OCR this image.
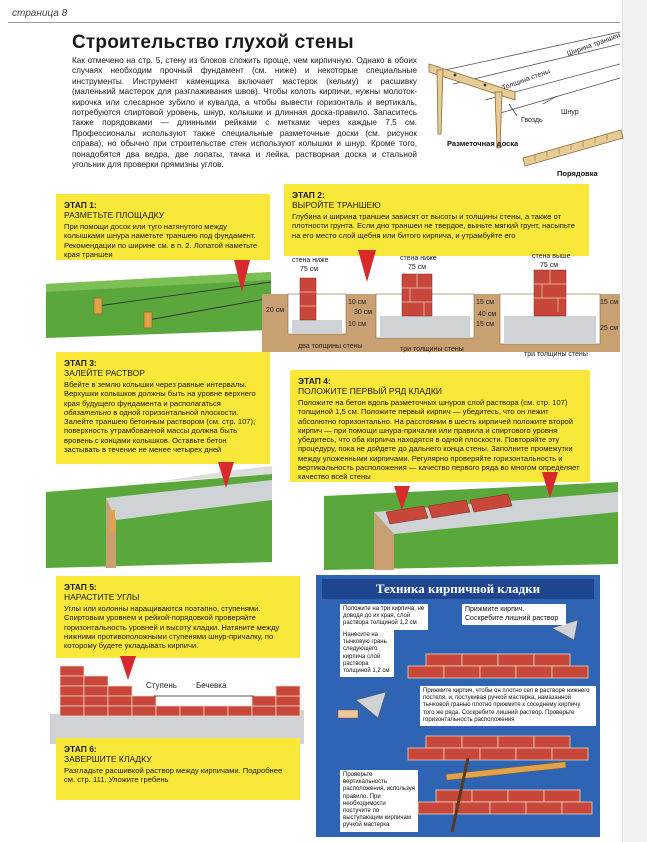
страница 8
Строительство глухой стены
Как отмечено на стр. 5, стену из блоков сложить проще, чем кирпичную. Однако в обоих случаях необходим прочный фундамент (см. ниже) и некоторые специальные инструменты. Инструмент каменщика включает мастерок (кельму) и расшивку (маленький мастерок для разглаживания швов). Чтобы колоть кирпичи, нужны молоток-кирочка или слесарное зубило и кувалда, а чтобы вывести горизонталь и вертикаль, потребуются спиртовой уровень, шнур, колышки и длинная доска-правило. Запаситесь также порядовками — длинными рейками с метками через каждые 7,5 см. Профессионалы используют также специальные разметочные доски (см. рисунок справа), но обычно при строительстве стен используют колышки и шнур. Кроме того, понадобятся два ведра, две лопаты, тачка и лейка, растворная доска и стальной угольник для проверки прямизны углов.
Ширина траншеи
Толщина стены
Шнур
Гвоздь
Разметочная доска
Порядовка
ЭТАП 1:
РАЗМЕТЬТЕ ПЛОЩАДКУ
При помощи досок или туго натянутого между колышками шнура наметьте траншею под фундамент. Рекомендации по ширине см. в п. 2. Лопатой наметьте края траншеи
ЭТАП 2:
ВЫРОЙТЕ ТРАНШЕЮ
Глубина и ширина траншеи зависят от высоты и толщины стены, а также от плотности грунта. Если дно траншеи не твердое, выньте мягкий грунт, насыпьте на его место слой щебня или битого кирпича, и утрамбуйте его
стена ниже
75 см
20 см
10 см
10 см
два толщины стены
стена ниже
75 см
30 см
15 см
15 см
три толщины стены
стена выше
75 см
40 см
15 см
25 см
три толщины стены
ЭТАП 3:
ЗАЛЕЙТЕ РАСТВОР
Вбейте в землю колышки через равные интервалы. Верхушки колышков должны быть на уровне верхнего края будущего фундамента и располагаться обязательно в одной горизонтальной плоскости. Залейте траншею бетонным раствором (см. стр. 107); поверхность утрамбованной массы должна быть вровень с концами колышков. Оставьте бетон застывать в течение не менее четырех дней
ЭТАП 4:
ПОЛОЖИТЕ ПЕРВЫЙ РЯД КЛАДКИ
Положите на бетон вдоль разметочных шнуров слой раствора (см. стр. 107) толщиной 1,5 см. Положите первый кирпич — убедитесь, что он лежит абсолютно горизонтально. На расстоянии в шесть кирпичей положите второй кирпич — при помощи шнура-причалки или правила и спиртового уровня убедитесь, что оба кирпича находятся в одной плоскости. Повторяйте эту процедуру, пока не дойдете до дальнего конца стены. Заполните промежутки между уложенными кирпичами. Регулярно проверяйте горизонтальность и вертикальность расположения — качество первого ряда во многом определяет качество всей стены
ЭТАП 5:
НАРАСТИТЕ УГЛЫ
Углы или колонны наращиваются поэтапно, ступенями. Спиртовым уровнем и рейкой-порядовкой проверяйте горизонтальность уровней и высоту кладки. Натяните между нижними противоположными ступенями шнур-причалку, по которому будете укладывать кирпичи.
Ступень Бечевка
ЭТАП 6:
ЗАВЕРШИТЕ КЛАДКУ
Разгладьте расшивкой раствор между кирпичами. Подробнее см. стр. 111. Уложите гребень
Техника кирпичной кладки
Положите на три кирпича, не доводя до их края, слой раствора толщиной 1,2 см
Прижмите кирпич. Соскребите лишний раствор
Нанесите на тычковую грань следующего кирпича слой раствора толщиной 1,2 см
Прижмите кирпич, чтобы он плотно сел в растворе нижнего постеля, и, постукивая ручкой мастерка, намазанной тычковой гранью плотно прижмите к соседнему кирпичу того же ряда. Соскребите лишний раствор. Проверьте горизонтальность расположения
Проверьте вертикальность расположения, используя правило. При необходимости постучите по выступающим кирпичам ручкой мастерка
